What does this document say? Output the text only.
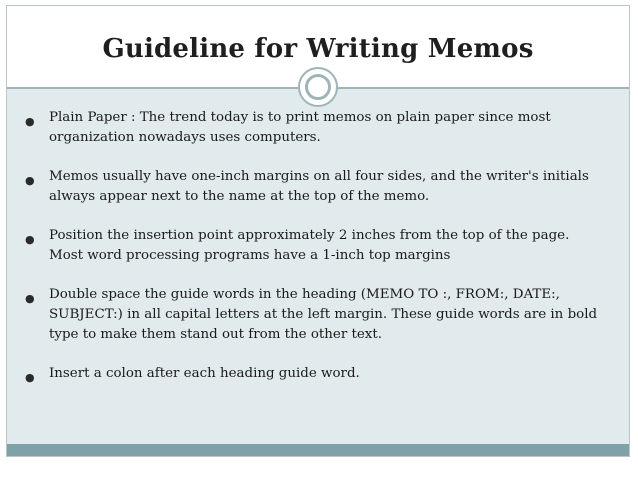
Guideline for Writing Memos
● Plain Paper : The trend today is to print memos on plain paper since most organization nowadays uses computers.
● Memos usually have one-inch margins on all four sides, and the writer's initials always appear next to the name at the top of the memo.
● Position the insertion point approximately 2 inches from the top of the page. Most word processing programs have a 1-inch top margins
● Double space the guide words in the heading (MEMO TO :, FROM:, DATE:, SUBJECT:) in all capital letters at the left margin. These guide words are in bold type to make them stand out from the other text.
● Insert a colon after each heading guide word.
